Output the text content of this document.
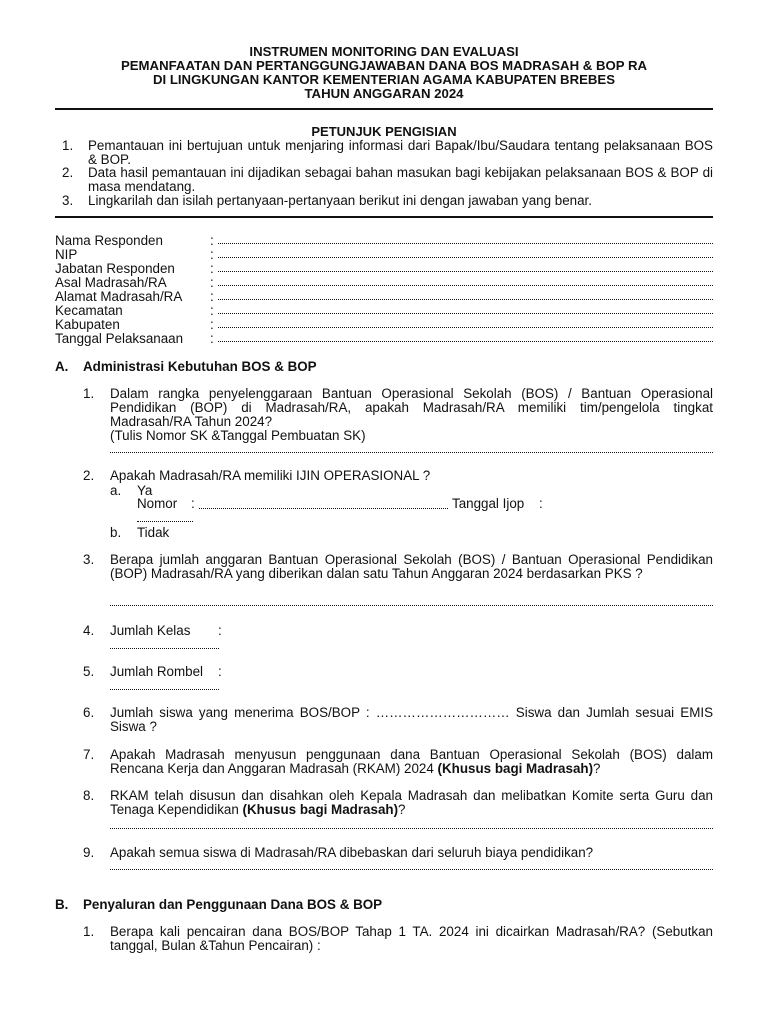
INSTRUMEN MONITORING DAN EVALUASI
PEMANFAATAN DAN PERTANGGUNGJAWABAN DANA BOS MADRASAH & BOP RA
DI LINGKUNGAN KANTOR KEMENTERIAN AGAMA KABUPATEN BREBES
TAHUN ANGGARAN 2024
PETUNJUK PENGISIAN
1. Pemantauan ini bertujuan untuk menjaring informasi dari Bapak/Ibu/Saudara tentang pelaksanaan BOS & BOP.
2. Data hasil pemantauan ini dijadikan sebagai bahan masukan bagi kebijakan pelaksanaan BOS & BOP di masa mendatang.
3. Lingkarilah dan isilah pertanyaan-pertanyaan berikut ini dengan jawaban yang benar.
Nama Responden	:
NIP	:
Jabatan Responden	:
Asal Madrasah/RA	:
Alamat Madrasah/RA :
Kecamatan	:
Kabupaten	:
Tanggal Pelaksanaan :
A. Administrasi Kebutuhan BOS & BOP
1. Dalam rangka penyelenggaraan Bantuan Operasional Sekolah (BOS) / Bantuan Operasional Pendidikan (BOP) di Madrasah/RA, apakah Madrasah/RA memiliki tim/pengelola tingkat Madrasah/RA Tahun 2024?
(Tulis Nomor SK &Tanggal Pembuatan SK)
2. Apakah Madrasah/RA memiliki IJIN OPERASIONAL ?
a. Ya
Nomor :	Tanggal Ijop :
b. Tidak
3. Berapa jumlah anggaran Bantuan Operasional Sekolah (BOS) / Bantuan Operasional Pendidikan (BOP) Madrasah/RA yang diberikan dalan satu Tahun Anggaran 2024 berdasarkan PKS ?
4. Jumlah Kelas :
5. Jumlah Rombel :
6. Jumlah siswa yang menerima BOS/BOP : ………………………… Siswa dan Jumlah sesuai EMIS Siswa ?
7. Apakah Madrasah menyusun penggunaan dana Bantuan Operasional Sekolah (BOS) dalam Rencana Kerja dan Anggaran Madrasah (RKAM) 2024 (Khusus bagi Madrasah)?
8. RKAM telah disusun dan disahkan oleh Kepala Madrasah dan melibatkan Komite serta Guru dan Tenaga Kependidikan (Khusus bagi Madrasah)?
9. Apakah semua siswa di Madrasah/RA dibebaskan dari seluruh biaya pendidikan?
B. Penyaluran dan Penggunaan Dana BOS & BOP
1. Berapa kali pencairan dana BOS/BOP Tahap 1 TA. 2024 ini dicairkan Madrasah/RA? (Sebutkan tanggal, Bulan &Tahun Pencairan) :
